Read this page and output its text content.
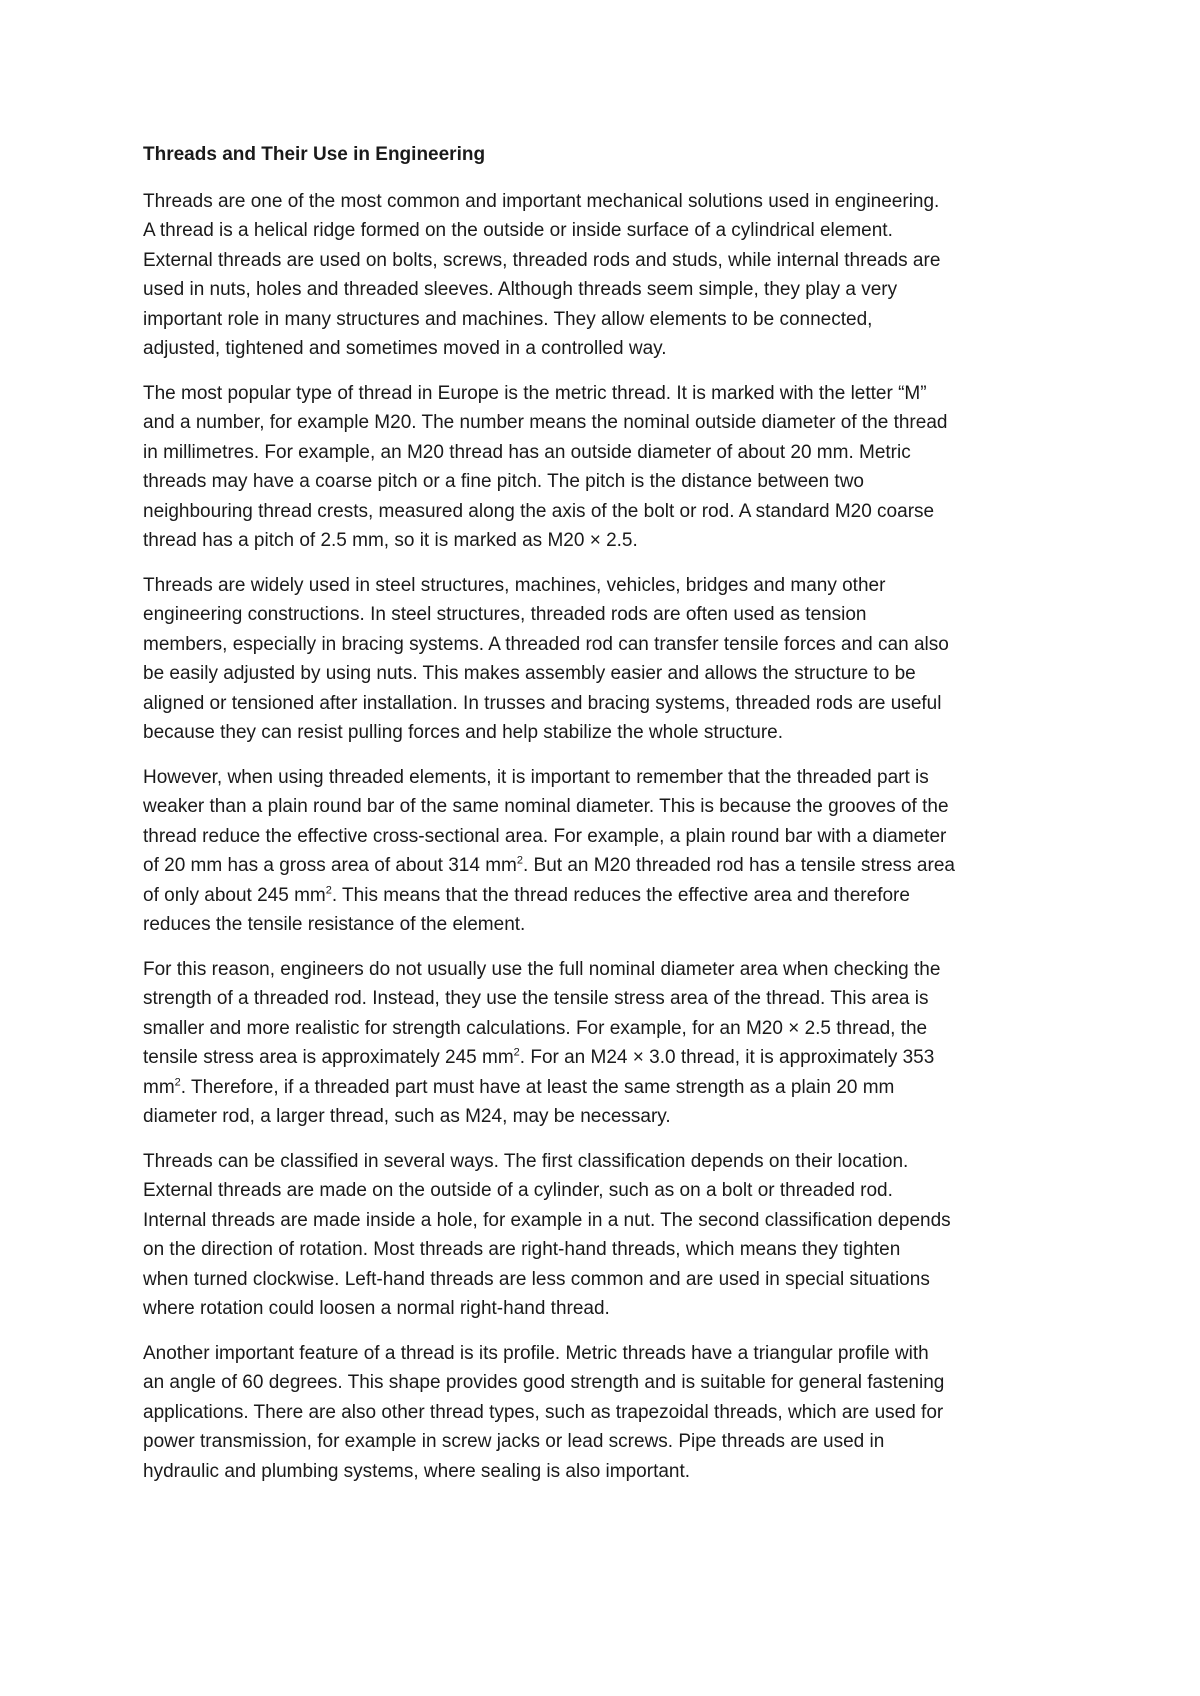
Threads and Their Use in Engineering
Threads are one of the most common and important mechanical solutions used in engineering.
A thread is a helical ridge formed on the outside or inside surface of a cylindrical element.
External threads are used on bolts, screws, threaded rods and studs, while internal threads are
used in nuts, holes and threaded sleeves. Although threads seem simple, they play a very
important role in many structures and machines. They allow elements to be connected,
adjusted, tightened and sometimes moved in a controlled way.
The most popular type of thread in Europe is the metric thread. It is marked with the letter “M”
and a number, for example M20. The number means the nominal outside diameter of the thread
in millimetres. For example, an M20 thread has an outside diameter of about 20 mm. Metric
threads may have a coarse pitch or a fine pitch. The pitch is the distance between two
neighbouring thread crests, measured along the axis of the bolt or rod. A standard M20 coarse
thread has a pitch of 2.5 mm, so it is marked as M20 × 2.5.
Threads are widely used in steel structures, machines, vehicles, bridges and many other
engineering constructions. In steel structures, threaded rods are often used as tension
members, especially in bracing systems. A threaded rod can transfer tensile forces and can also
be easily adjusted by using nuts. This makes assembly easier and allows the structure to be
aligned or tensioned after installation. In trusses and bracing systems, threaded rods are useful
because they can resist pulling forces and help stabilize the whole structure.
However, when using threaded elements, it is important to remember that the threaded part is
weaker than a plain round bar of the same nominal diameter. This is because the grooves of the
thread reduce the effective cross-sectional area. For example, a plain round bar with a diameter
of 20 mm has a gross area of about 314 $mm^2$. But an M20 threaded rod has a tensile stress area
of only about 245 $mm^2$. This means that the thread reduces the effective area and therefore
reduces the tensile resistance of the element.
For this reason, engineers do not usually use the full nominal diameter area when checking the
strength of a threaded rod. Instead, they use the tensile stress area of the thread. This area is
smaller and more realistic for strength calculations. For example, for an M20 × 2.5 thread, the
tensile stress area is approximately 245 $mm^2$. For an M24 × 3.0 thread, it is approximately 353
$mm^2$. Therefore, if a threaded part must have at least the same strength as a plain 20 mm
diameter rod, a larger thread, such as M24, may be necessary.
Threads can be classified in several ways. The first classification depends on their location.
External threads are made on the outside of a cylinder, such as on a bolt or threaded rod.
Internal threads are made inside a hole, for example in a nut. The second classification depends
on the direction of rotation. Most threads are right-hand threads, which means they tighten
when turned clockwise. Left-hand threads are less common and are used in special situations
where rotation could loosen a normal right-hand thread.
Another important feature of a thread is its profile. Metric threads have a triangular profile with
an angle of 60 degrees. This shape provides good strength and is suitable for general fastening
applications. There are also other thread types, such as trapezoidal threads, which are used for
power transmission, for example in screw jacks or lead screws. Pipe threads are used in
hydraulic and plumbing systems, where sealing is also important.
